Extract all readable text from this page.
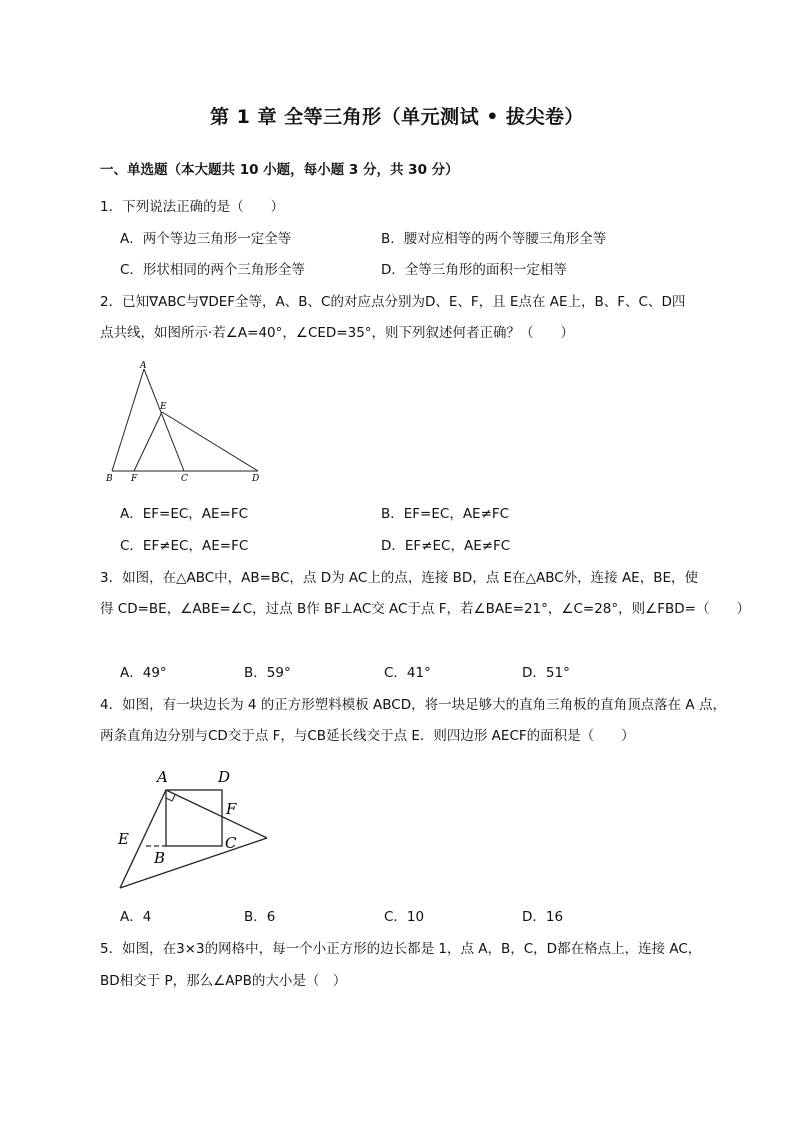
第 1 章 全等三角形（单元测试 • 拔尖卷）
一、单选题（本大题共 10 小题，每小题 3 分，共 30 分）
1．下列说法正确的是（　　）
A．两个等边三角形一定全等	B．腰对应相等的两个等腰三角形全等
C．形状相同的两个三角形全等	D．全等三角形的面积一定相等
2．已知∇ABC与∇DEF全等，A、B、C的对应点分别为D、E、F，且 E点在 AE上，B、F、C、D四
点共线，如图所示·若∠A=40°，∠CED=35°，则下列叙述何者正确？（　　）
A
E
B F	C	D
A．EF=EC，AE=FC	B．EF=EC，AE≠FC
C．EF≠EC，AE=FC	D．EF≠EC，AE≠FC
3．如图，在△ABC中，AB=BC，点 D为 AC上的点，连接 BD，点 E在△ABC外，连接 AE，BE，使
得 CD=BE，∠ABE=∠C，过点 B作 BF⊥AC交 AC于点 F，若∠BAE=21°，∠C=28°，则∠FBD=（　　）
A．49°	B．59°	C．41°	D．51°
4．如图，有一块边长为 4 的正方形塑料模板 ABCD，将一块足够大的直角三角板的直角顶点落在 A 点，
两条直角边分别与CD交于点 F，与CB延长线交于点 E．则四边形 AECF的面积是（　　）
A	D
F
E
B
C
A．4	B．6	C．10	D．16
5．如图，在3×3的网格中，每一个小正方形的边长都是 1，点 A，B，C，D都在格点上，连接 AC，
BD相交于 P，那么∠APB的大小是（　）
